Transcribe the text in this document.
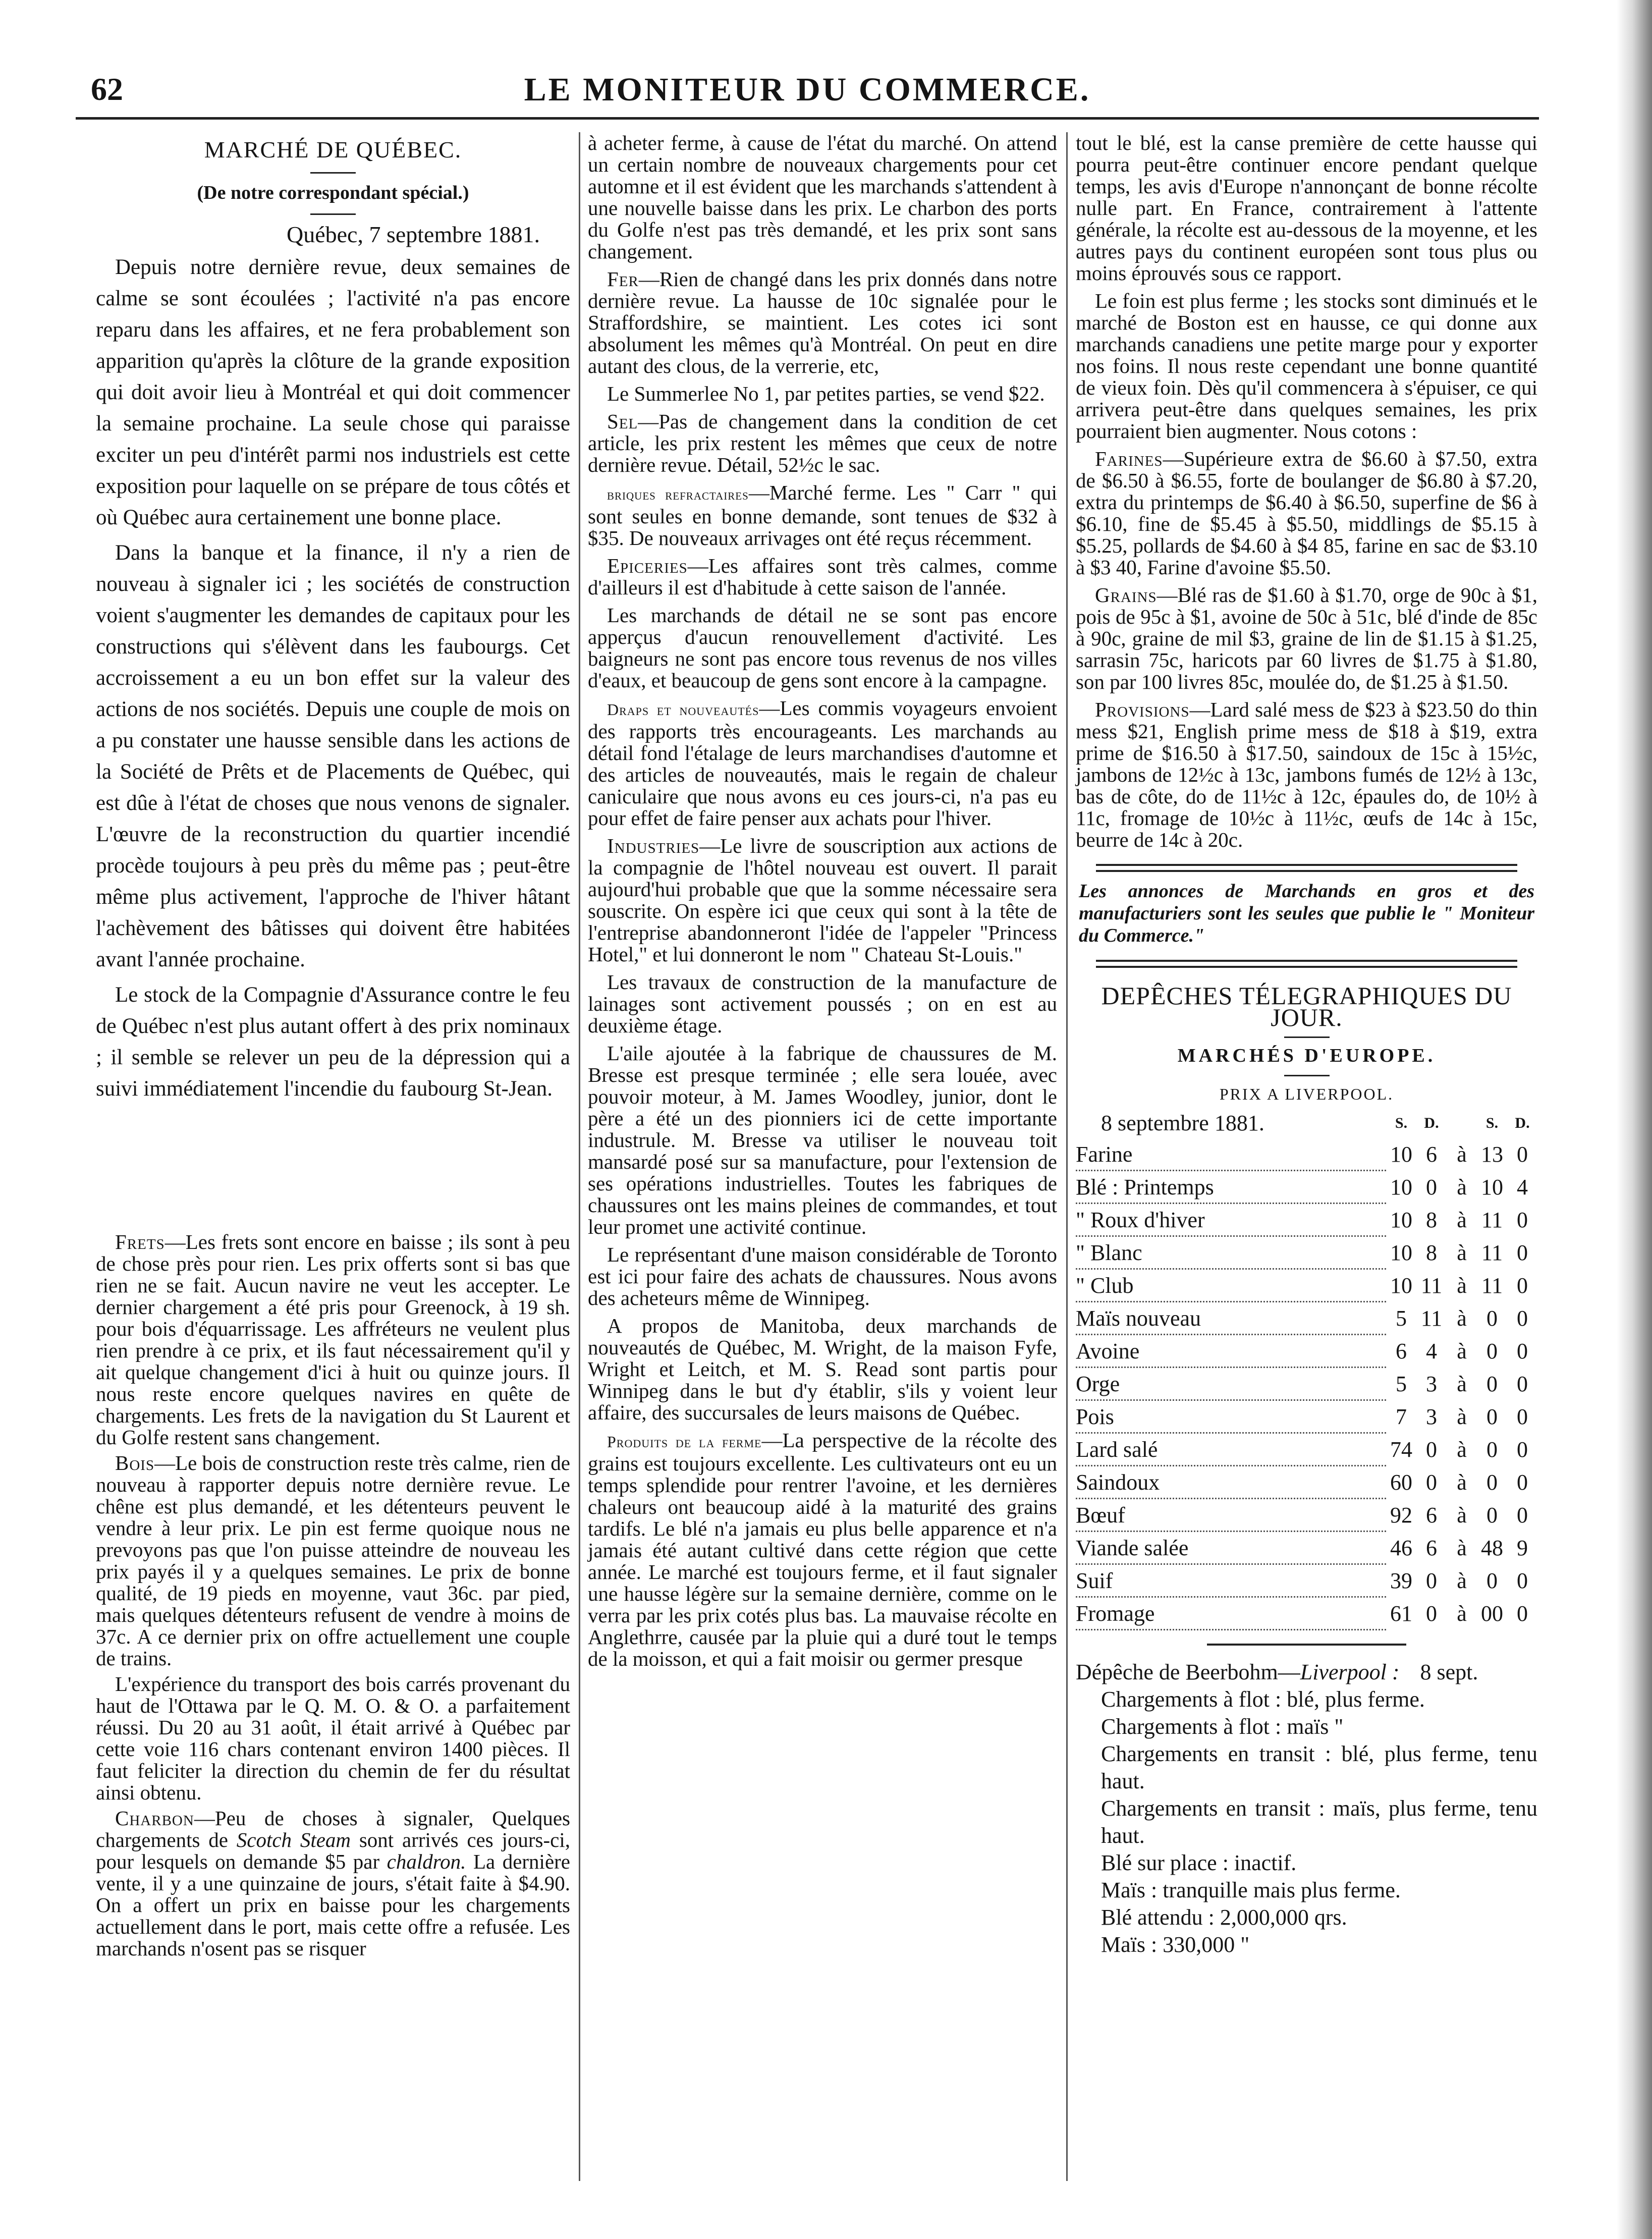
62	LE MONITEUR DU COMMERCE.
MARCHÉ DE QUÉBEC.
(De notre correspondant spécial.)
Québec, 7 septembre 1881.

Depuis notre dernière revue, deux semaines de calme se sont écoulées ; l'activité n'a pas encore reparu dans les affaires, et ne fera probablement son apparition qu'après la clôture de la grande exposition qui doit avoir lieu à Montréal et qui doit commencer la semaine prochaine. La seule chose qui paraisse exciter un peu d'intérêt parmi nos industriels est cette exposition pour laquelle on se prépare de tous côtés et où Québec aura certainement une bonne place.

Dans la banque et la finance, il n'y a rien de nouveau à signaler ici ; les sociétés de construction voient s'augmenter les demandes de capitaux pour les constructions qui s'élèvent dans les faubourgs. Cet accroissement a eu un bon effet sur la valeur des actions de nos sociétés. Depuis une couple de mois on a pu constater une hausse sensible dans les actions de la Société de Prêts et de Placements de Québec, qui est dûe à l'état de choses que nous venons de signaler. L'œuvre de la reconstruction du quartier incendié procède toujours à peu près du même pas ; peut-être même plus activement, l'approche de l'hiver hâtant l'achèvement des bâtisses qui doivent être habitées avant l'année prochaine.

Le stock de la Compagnie d'Assurance contre le feu de Québec n'est plus autant offert à des prix nominaux ; il semble se relever un peu de la dépression qui a suivi immédiatement l'incendie du faubourg St-Jean.

Frets—Les frets sont encore en baisse ; ils sont à peu de chose près pour rien. Les prix offerts sont si bas que rien ne se fait. Aucun navire ne veut les accepter. Le dernier chargement a été pris pour Greenock, à 19 sh. pour bois d'équarrissage. Les affréteurs ne veulent plus rien prendre à ce prix, et ils faut nécessairement qu'il y ait quelque changement d'ici à huit ou quinze jours. Il nous reste encore quelques navires en quête de chargements. Les frets de la navigation du St Laurent et du Golfe restent sans changement.

Bois—Le bois de construction reste très calme, rien de nouveau à rapporter depuis notre dernière revue. Le chêne est plus demandé, et les détenteurs peuvent le vendre à leur prix. Le pin est ferme quoique nous ne prevoyons pas que l'on puisse atteindre de nouveau les prix payés il y a quelques semaines. Le prix de bonne qualité, de 19 pieds en moyenne, vaut 36c. par pied, mais quelques détenteurs refusent de vendre à moins de 37c. A ce dernier prix on offre actuellement une couple de trains.

L'expérience du transport des bois carrés provenant du haut de l'Ottawa par le Q. M. O. & O. a parfaitement réussi. Du 20 au 31 août, il était arrivé à Québec par cette voie 116 chars contenant environ 1400 pièces. Il faut feliciter la direction du chemin de fer du résultat ainsi obtenu.

Charbon—Peu de choses à signaler, Quelques chargements de Scotch Steam sont arrivés ces jours-ci, pour lesquels on demande $5 par chaldron. La dernière vente, il y a une quinzaine de jours, s'était faite à $4.90. On a offert un prix en baisse pour les chargements actuellement dans le port, mais cette offre a refusée. Les marchands n'osent pas se risquer

à acheter ferme, à cause de l'état du marché. On attend un certain nombre de nouveaux chargements pour cet automne et il est évident que les marchands s'attendent à une nouvelle baisse dans les prix. Le charbon des ports du Golfe n'est pas très demandé, et les prix sont sans changement.

Fer—Rien de changé dans les prix donnés dans notre dernière revue. La hausse de 10c signalée pour le Straffordshire, se maintient. Les cotes ici sont absolument les mêmes qu'à Montréal. On peut en dire autant des clous, de la verrerie, etc,

Le Summerlee No 1, par petites parties, se vend $22.

Sel—Pas de changement dans la condition de cet article, les prix restent les mêmes que ceux de notre dernière revue. Détail, 52½c le sac.

briques refractaires—Marché ferme. Les " Carr " qui sont seules en bonne demande, sont tenues de $32 à $35. De nouveaux arrivages ont été reçus récemment.

Epiceries—Les affaires sont très calmes, comme d'ailleurs il est d'habitude à cette saison de l'année.

Les marchands de détail ne se sont pas encore apperçus d'aucun renouvellement d'activité. Les baigneurs ne sont pas encore tous revenus de nos villes d'eaux, et beaucoup de gens sont encore à la campagne.

Draps et nouveautés—Les commis voyageurs envoient des rapports très encourageants. Les marchands au détail fond l'étalage de leurs marchandises d'automne et des articles de nouveautés, mais le regain de chaleur caniculaire que nous avons eu ces jours-ci, n'a pas eu pour effet de faire penser aux achats pour l'hiver.

Industries—Le livre de souscription aux actions de la compagnie de l'hôtel nouveau est ouvert. Il parait aujourd'hui probable que que la somme nécessaire sera souscrite. On espère ici que ceux qui sont à la tête de l'entreprise abandonneront l'idée de l'appeler "Princess Hotel," et lui donneront le nom " Chateau St-Louis."

Les travaux de construction de la manufacture de lainages sont activement poussés ; on en est au deuxième étage.

L'aile ajoutée à la fabrique de chaussures de M. Bresse est presque terminée ; elle sera louée, avec pouvoir moteur, à M. James Woodley, junior, dont le père a été un des pionniers ici de cette importante industrule. M. Bresse va utiliser le nouveau toit mansardé posé sur sa manufacture, pour l'extension de ses opérations industrielles. Toutes les fabriques de chaussures ont les mains pleines de commandes, et tout leur promet une activité continue.

Le représentant d'une maison considérable de Toronto est ici pour faire des achats de chaussures. Nous avons des acheteurs même de Winnipeg.

A propos de Manitoba, deux marchands de nouveautés de Québec, M. Wright, de la maison Fyfe, Wright et Leitch, et M. S. Read sont partis pour Winnipeg dans le but d'y établir, s'ils y voient leur affaire, des succursales de leurs maisons de Québec.

Produits de la ferme—La perspective de la récolte des grains est toujours excellente. Les cultivateurs ont eu un temps splendide pour rentrer l'avoine, et les dernières chaleurs ont beaucoup aidé à la maturité des grains tardifs. Le blé n'a jamais eu plus belle apparence et n'a jamais été autant cultivé dans cette région que cette année. Le marché est toujours ferme, et il faut signaler une hausse légère sur la semaine dernière, comme on le verra par les prix cotés plus bas. La mauvaise récolte en Anglethrre, causée par la pluie qui a duré tout le temps de la moisson, et qui a fait moisir ou germer presque

tout le blé, est la canse première de cette hausse qui pourra peut-être continuer encore pendant quelque temps, les avis d'Europe n'annonçant de bonne récolte nulle part. En France, contrairement à l'attente générale, la récolte est au-dessous de la moyenne, et les autres pays du continent européen sont tous plus ou moins éprouvés sous ce rapport.

Le foin est plus ferme ; les stocks sont diminués et le marché de Boston est en hausse, ce qui donne aux marchands canadiens une petite marge pour y exporter nos foins. Il nous reste cependant une bonne quantité de vieux foin. Dès qu'il commencera à s'épuiser, ce qui arrivera peut-être dans quelques semaines, les prix pourraient bien augmenter. Nous cotons :

Farines—Supérieure extra de $6.60 à $7.50, extra de $6.50 à $6.55, forte de boulanger de $6.80 à $7.20, extra du printemps de $6.40 à $6.50, superfine de $6 à $6.10, fine de $5.45 à $5.50, middlings de $5.15 à $5.25, pollards de $4.60 à $4 85, farine en sac de $3.10 à $3 40, Farine d'avoine $5.50.

Grains—Blé ras de $1.60 à $1.70, orge de 90c à $1, pois de 95c à $1, avoine de 50c à 51c, blé d'inde de 85c à 90c, graine de mil $3, graine de lin de $1.15 à $1.25, sarrasin 75c, haricots par 60 livres de $1.75 à $1.80, son par 100 livres 85c, moulée do, de $1.25 à $1.50.

Provisions—Lard salé mess de $23 à $23.50 do thin mess $21, English prime mess de $18 à $19, extra prime de $16.50 à $17.50, saindoux de 15c à 15½c, jambons de 12½c à 13c, jambons fumés de 12½ à 13c, bas de côte, do de 11½c à 12c, épaules do, de 10½ à 11c, fromage de 10½c à 11½c, œufs de 14c à 15c, beurre de 14c à 20c.

Les annonces de Marchands en gros et des manufacturiers sont les seules que publie le " Moniteur du Commerce."
DEPÊCHES TÉLEGRAPHIQUES DU JOUR.
MARCHÉS D'EUROPE.
PRIX A LIVERPOOL.
8 septembre 1881.	S.	D.		S.	D.
Farine	10	6	à	13	0
Blé : Printemps	10	0	à	10	4
" Roux d'hiver	10	8	à	11	0
" Blanc	10	8	à	11	0
" Club	10	11	à	11	0
Maïs nouveau	5	11	à	0	0
Avoine	6	4	à	0	0
Orge	5	3	à	0	0
Pois	7	3	à	0	0
Lard salé	74	0	à	0	0
Saindoux	60	0	à	0	0
Bœuf	92	6	à	0	0
Viande salée	46	6	à	48	9
Suif	39	0	à	0	0
Fromage	61	0	à	00	0
Dépêche de Beerbohm—Liverpool : 8 sept.
Chargements à flot : blé, plus ferme.
Chargements à flot : maïs "
Chargements en transit : blé, plus ferme, tenu haut.
Chargements en transit : maïs, plus ferme, tenu haut.
Blé sur place : inactif.
Maïs : tranquille mais plus ferme.
Blé attendu : 2,000,000 qrs.
Maïs : 330,000 "
